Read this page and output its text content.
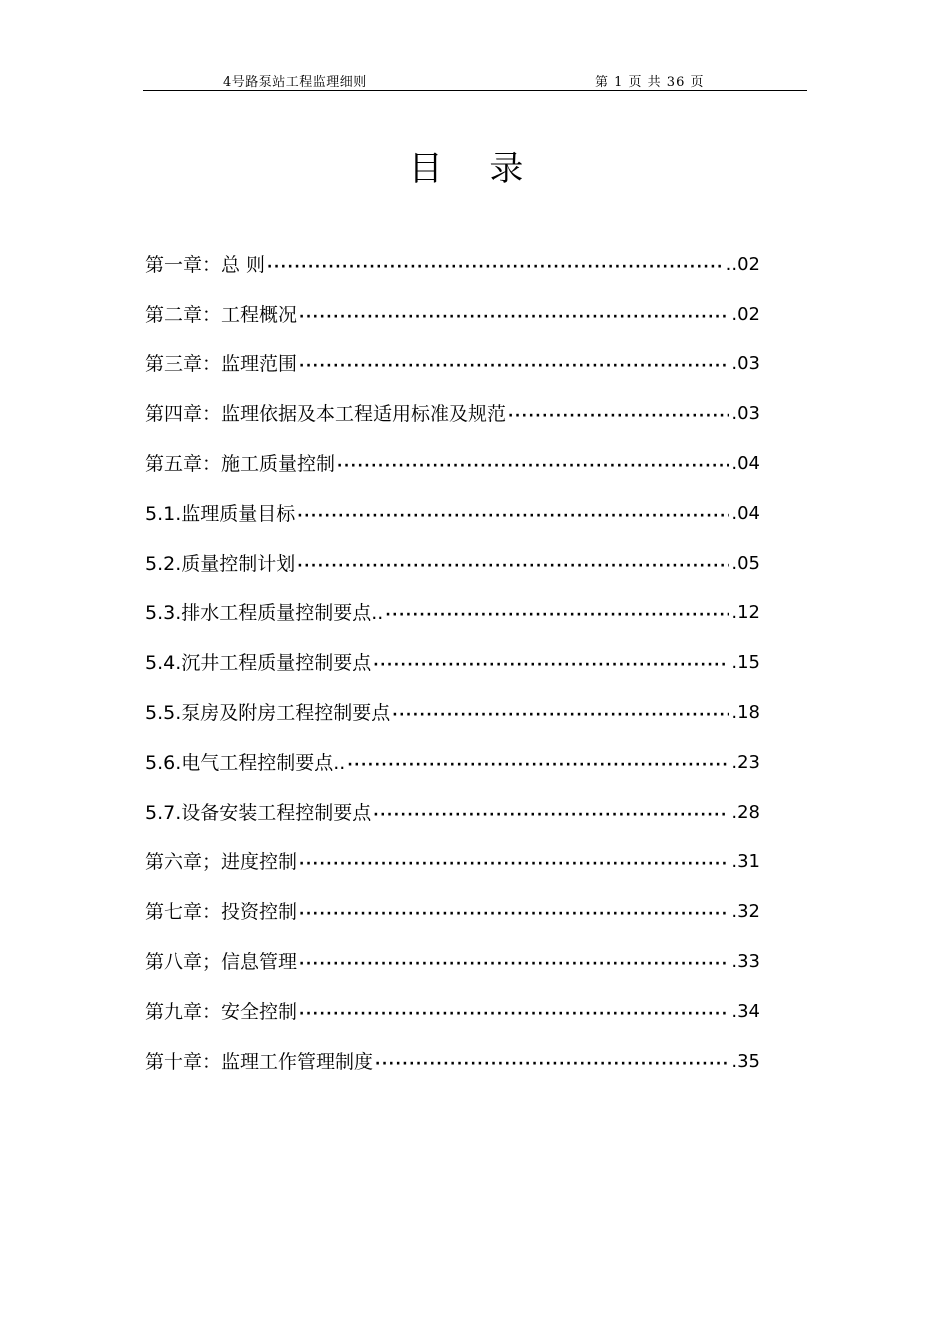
4号路泵站工程监理细则	第 1 页 共 36 页
目 录
第一章：总 则 ·····	..02
第二章：工程概况 ·····	.02
第三章：监理范围 ·····	.03
第四章：监理依据及本工程适用标准及规范 ·····	.03
第五章：施工质量控制 ·····	.04
5.1.监理质量目标 ·····	.04
5.2.质量控制计划 ·····	.05
5.3.排水工程质量控制要点.. ·····	.12
5.4.沉井工程质量控制要点 ·····	.15
5.5.泵房及附房工程控制要点 ·····	.18
5.6.电气工程控制要点.. ·····	.23
5.7.设备安装工程控制要点 ·····	.28
第六章；进度控制 ·····	.31
第七章：投资控制 ·····	.32
第八章；信息管理 ·····	.33
第九章：安全控制 ·····	.34
第十章：监理工作管理制度 ·····	.35
